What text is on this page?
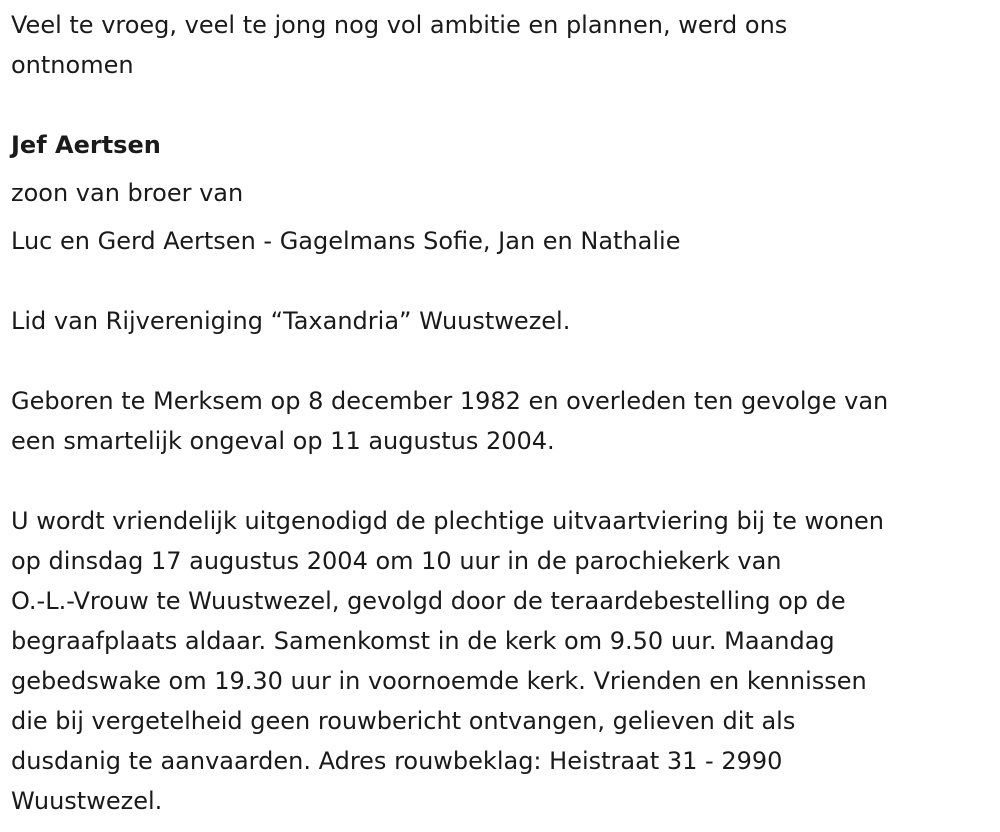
Veel te vroeg, veel te jong nog vol ambitie en plannen, werd ons
ontnomen

Jef Aertsen

zoon van broer van

Luc en Gerd Aertsen - Gagelmans Sofie, Jan en Nathalie

Lid van Rijvereniging “Taxandria” Wuustwezel.

Geboren te Merksem op 8 december 1982 en overleden ten gevolge van
een smartelijk ongeval op 11 augustus 2004.

U wordt vriendelijk uitgenodigd de plechtige uitvaartviering bij te wonen
op dinsdag 17 augustus 2004 om 10 uur in de parochiekerk van
O.-L.-Vrouw te Wuustwezel, gevolgd door de teraardebestelling op de
begraafplaats aldaar. Samenkomst in de kerk om 9.50 uur. Maandag
gebedswake om 19.30 uur in voornoemde kerk. Vrienden en kennissen
die bij vergetelheid geen rouwbericht ontvangen, gelieven dit als
dusdanig te aanvaarden. Adres rouwbeklag: Heistraat 31 - 2990
Wuustwezel.
